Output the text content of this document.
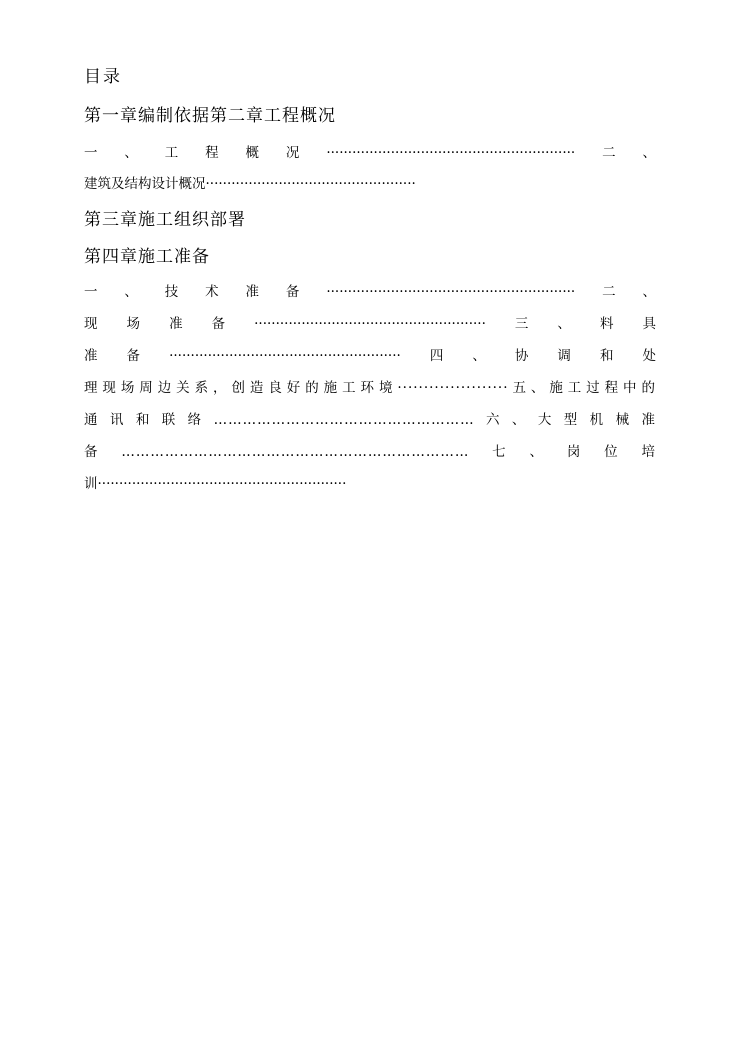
目录
第一章编制依据第二章工程概况
一、工程概况··························································二、
建筑及结构设计概况·················································
第三章施工组织部署
第四章施工准备
一、技术准备··························································二、
现场准备······················································三、料具
准备······················································四、协调和处
理现场周边关系，创造良好的施工环境·····················五、施工过程中的
通讯和联络………………………………………………六、大型机械准
备………………………………………………………………七、岗位培
训··························································
